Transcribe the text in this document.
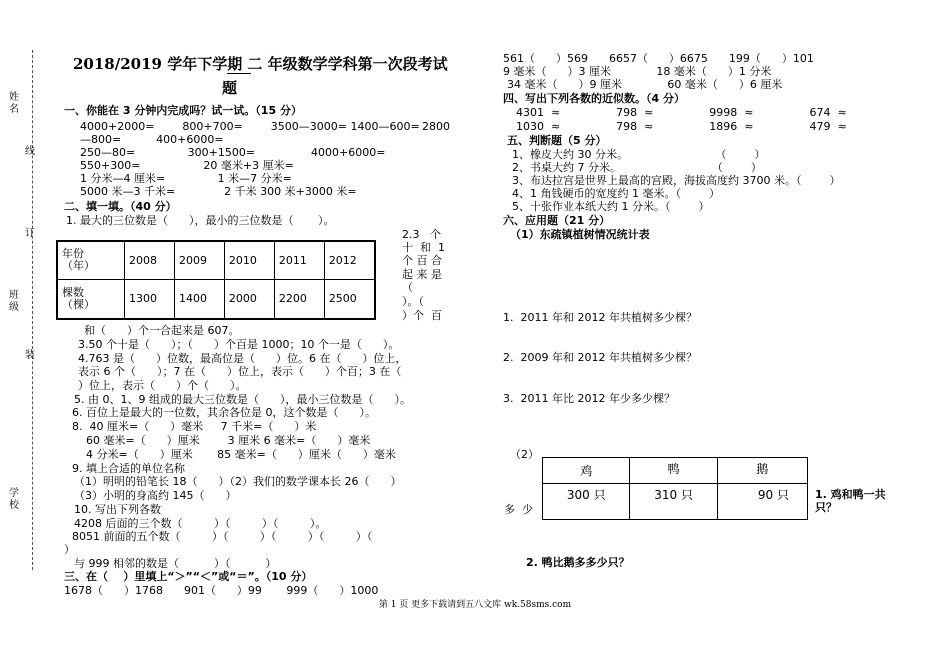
姓名
线
订
班级
装
学校
2018/2019 学年下学期 二 年级数学学科第一次段考试
题
一、你能在 3 分钟内完成吗？试一试。（15 分）
4000+2000=        800+700=        3500—3000= 1400—600= 2800
—800=          400+6000=
250—80=               300+1500=                4000+6000=
550+300=                  20 毫米+3 厘米=
1 分米—4 厘米=               1 米—7 分米=
5000 米—3 千米=              2 千米 300 米+3000 米=
二、填一填。（40 分）
1. 最大的三位数是（      ），最小的三位数是（       ）。
2.3   个
十  和  1
个 百 合
起 来 是
（
）。（
）个  百
年份
（年）	2008	2009	2010	2011	2012
棵数
（棵）	1300	1400	2000	2200	2500
和（      ）个一合起来是 607。
3.50 个十是（      ）；（      ）个百是 1000；10 个一是（      ）。
4.763 是（      ）位数，最高位是（      ）位。6 在（      ）位上，
表示 6 个（      ）；7 在（      ）位上，表示（      ）个百；3 在（
）位上，表示（      ）个（      ）。
5. 由 0、1、9 组成的最大三位数是（      ），最小三位数是（      ）。
6. 百位上是最大的一位数，其余各位是 0，这个数是（      ）。
8.  40 厘米=（      ）毫米     7 千米=（      ）米
60 毫米=（      ）厘米        3 厘米 6 毫米=（      ）毫米
4 分米=（      ）厘米       85 毫米=（      ）厘米（      ）毫米
9. 填上合适的单位名称
（1）明明的铅笔长 18（      ）（2）我们的数学课本长 26（      ）
（3）小明的身高约 145（      ）
10. 写出下列各数
4208 后面的三个数（         ）（         ）（         ）。
8051 前面的五个数（         ）（         ）（         ）（         ）（
）
与 999 相邻的数是（          ）（          ）
三、在（    ）里填上“＞”“＜”或“＝”。（10 分）
1678（      ）1768      901（      ）99       999（      ）1000
561（      ）569      6657（      ）6675      199（      ）101
9 毫米（      ）3 厘米             18 毫米（      ）1 分米
34 毫米（      ）9 厘米             60 毫米（      ）6 厘米
四、写出下列各数的近似数。（4 分）
4301  ≈                798  ≈                9998  ≈                674  ≈
1030  ≈                798  ≈                1896  ≈                479  ≈
五、判断题（5 分）
1、橡皮大约 30 分米。                         （        ）
2、书桌大约 7 分米。                          （        ）
3、布达拉宫是世界上最高的宫殿，海拔高度约 3700 米。（        ）
4、1 角钱硬币的宽度约 1 毫米。（        ）
5、十张作业本纸大约 1 分米。（        ）
六、应用题（21 分）
（1）东疏镇植树情况统计表
1.  2011 年和 2012 年共植树多少棵？
2.  2009 年和 2012 年共植树多少棵？
3.  2011 年比 2012 年少多少棵？
（2）
多  少
鸡	鸭	鹅
300 只	310 只	90 只 1. 鸡和鸭一共
只？
2. 鸭比鹅多多少只？
第 1 页 更多下载请到五八文库 wk.58sms.com
